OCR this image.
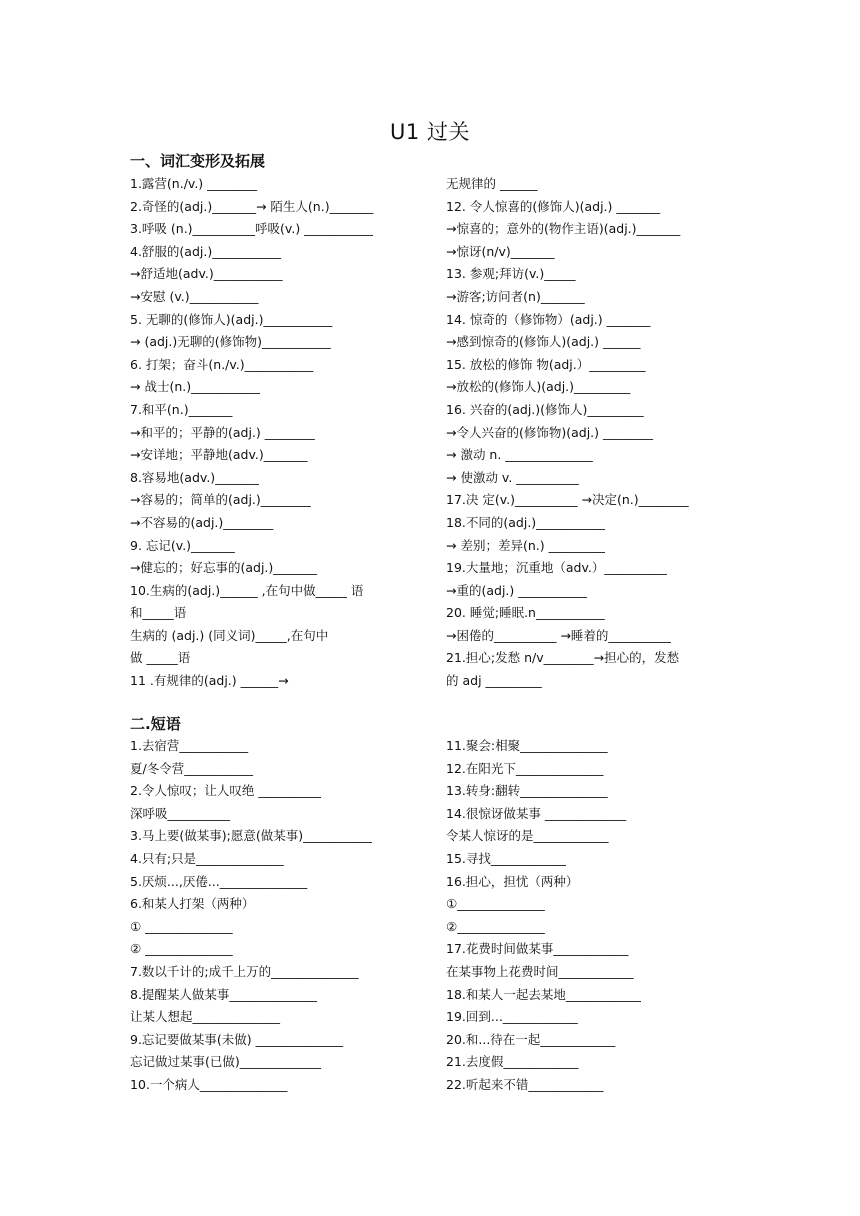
U1 过关
一、词汇变形及拓展
1.露营(n./v.) ________
2.奇怪的(adj.)_______→ 陌生人(n.)_______
3.呼吸 (n.)__________呼吸(v.) ___________
4.舒服的(adj.)___________
→舒适地(adv.)___________
→安慰 (v.)___________
5. 无聊的(修饰人)(adj.)___________
→ (adj.)无聊的(修饰物)___________
6. 打架；奋斗(n./v.)___________
→ 战士(n.)___________
7.和平(n.)_______
→和平的；平静的(adj.) ________
→安详地；平静地(adv.)_______
8.容易地(adv.)_______
→容易的；简单的(adj.)________
→不容易的(adj.)________
9. 忘记(v.)_______
→健忘的；好忘事的(adj.)_______
10.生病的(adj.)______ ,在句中做_____ 语
和_____语
生病的 (adj.) (同义词)_____,在句中
做 _____语
11 .有规律的(adj.) ______→
无规律的 ______
12. 令人惊喜的(修饰人)(adj.) _______
→惊喜的；意外的(物作主语)(adj.)_______
→惊讶(n/v)_______
13. 参观;拜访(v.)_____
→游客;访问者(n)_______
14. 惊奇的（修饰物）(adj.) _______
→感到惊奇的(修饰人)(adj.) ______
15. 放松的修饰 物(adj.）_________
→放松的(修饰人)(adj.)_________
16. 兴奋的(adj.)(修饰人)_________
→令人兴奋的(修饰物)(adj.) ________
→ 激动 n. ______________
→ 使激动 v. __________
17.决 定(v.)__________ →决定(n.)________
18.不同的(adj.)___________
→ 差别；差异(n.) _________
19.大量地；沉重地（adv.）__________
→重的(adj.) ___________
20. 睡觉;睡眠.n___________
→困倦的__________ →睡着的__________
21.担心;发愁 n/v________→担心的，发愁
的 adj _________
二.短语
1.去宿营___________
夏/冬令营___________
2.令人惊叹；让人叹绝 __________
深呼吸__________
3.马上要(做某事);愿意(做某事)___________
4.只有;只是______________
5.厌烦...,厌倦...______________
6.和某人打架（两种）
① ______________
② ______________
7.数以千计的;成千上万的______________
8.提醒某人做某事______________
让某人想起______________
9.忘记要做某事(未做) ______________
忘记做过某事(已做)_____________
10.一个病人______________
11.聚会:相聚______________
12.在阳光下______________
13.转身:翻转______________
14.很惊讶做某事 _____________
令某人惊讶的是____________
15.寻找____________
16.担心，担忧（两种）
①______________
②______________
17.花费时间做某事____________
在某事物上花费时间____________
18.和某人一起去某地____________
19.回到...____________
20.和...待在一起____________
21.去度假____________
22.听起来不错____________
